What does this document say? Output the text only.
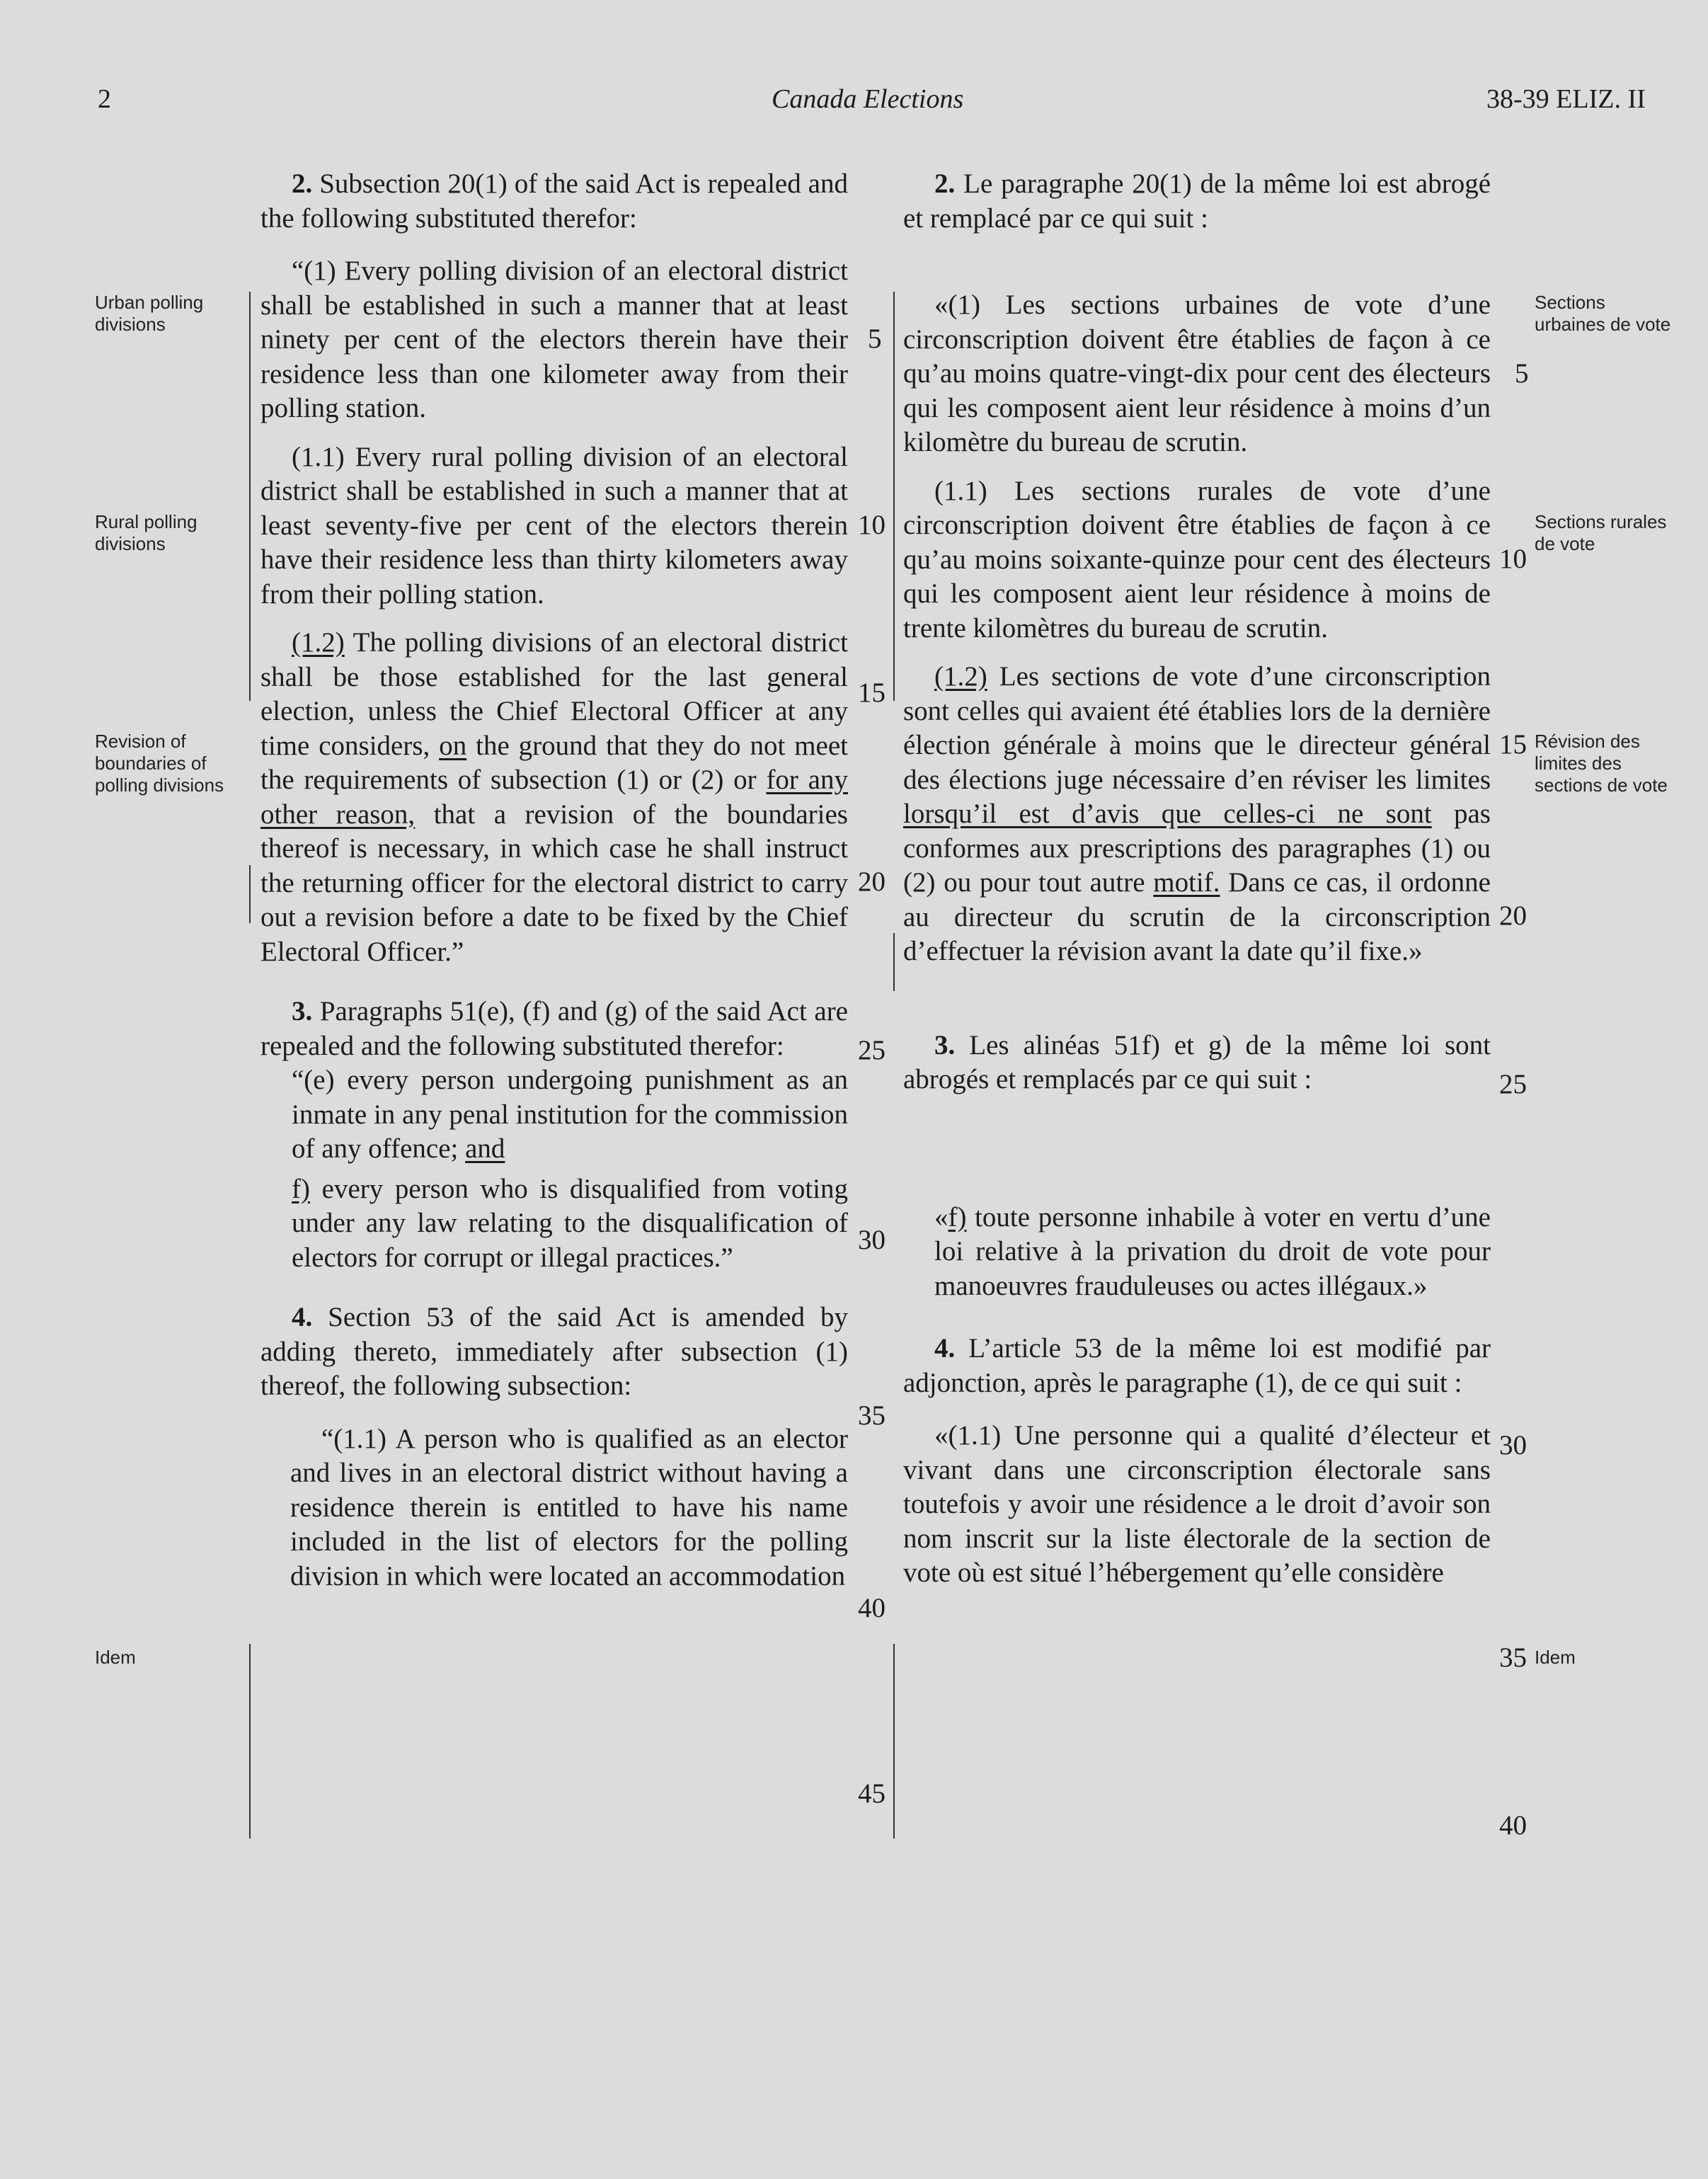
2	Canada Elections	38-39 ELIZ. II

2. Subsection 20(1) of the said Act is repealed and the following substituted therefor:

“(1) Every polling division of an electoral district shall be established in such a manner that at least ninety per cent of the electors therein have their residence less than one kilometer away from their polling station.

(1.1) Every rural polling division of an electoral district shall be established in such a manner that at least seventy-five per cent of the electors therein have their residence less than thirty kilometers away from their polling station.

(1.2) The polling divisions of an electoral district shall be those established for the last general election, unless the Chief Electoral Officer at any time considers, on the ground that they do not meet the requirements of subsection (1) or (2) or for any other reason, that a revision of the boundaries thereof is necessary, in which case he shall instruct the returning officer for the electoral district to carry out a revision before a date to be fixed by the Chief Electoral Officer.”

3. Paragraphs 51(e), (f) and (g) of the said Act are repealed and the following substituted therefor:

“(e) every person undergoing punishment as an inmate in any penal institution for the commission of any offence; and

f) every person who is disqualified from voting under any law relating to the disqualification of electors for corrupt or illegal practices.”

4. Section 53 of the said Act is amended by adding thereto, immediately after subsection (1) thereof, the following subsection:

“(1.1) A person who is qualified as an elector and lives in an electoral district without having a residence therein is entitled to have his name included in the list of electors for the polling division in which were located an accommodation

5
10
15
20
25
30
35
40
45
Urban polling divisions
Rural polling divisions
Revision of boundaries of polling divisions
Idem

2. Le paragraphe 20(1) de la même loi est abrogé et remplacé par ce qui suit :

«(1) Les sections urbaines de vote d’une circonscription doivent être établies de façon à ce qu’au moins quatre-vingt-dix pour cent des électeurs qui les composent aient leur résidence à moins d’un kilomètre du bureau de scrutin.

(1.1) Les sections rurales de vote d’une circonscription doivent être établies de façon à ce qu’au moins soixante-quinze pour cent des électeurs qui les composent aient leur résidence à moins de trente kilomètres du bureau de scrutin.

(1.2) Les sections de vote d’une circonscription sont celles qui avaient été établies lors de la dernière élection générale à moins que le directeur général des élections juge nécessaire d’en réviser les limites lorsqu’il est d’avis que celles-ci ne sont pas conformes aux prescriptions des paragraphes (1) ou (2) ou pour tout autre motif. Dans ce cas, il ordonne au directeur du scrutin de la circonscription d’effectuer la révision avant la date qu’il fixe.»

3. Les alinéas 51f) et g) de la même loi sont abrogés et remplacés par ce qui suit :

«f) toute personne inhabile à voter en vertu d’une loi relative à la privation du droit de vote pour manoeuvres frauduleuses ou actes illégaux.»

4. L’article 53 de la même loi est modifié par adjonction, après le paragraphe (1), de ce qui suit :

«(1.1) Une personne qui a qualité d’électeur et vivant dans une circonscription électorale sans toutefois y avoir une résidence a le droit d’avoir son nom inscrit sur la liste électorale de la section de vote où est situé l’hébergement qu’elle considère

5
10
15
20
25
30
35
40
Sections urbaines de vote
Sections rurales de vote
Révision des limites des sections de vote
Idem
